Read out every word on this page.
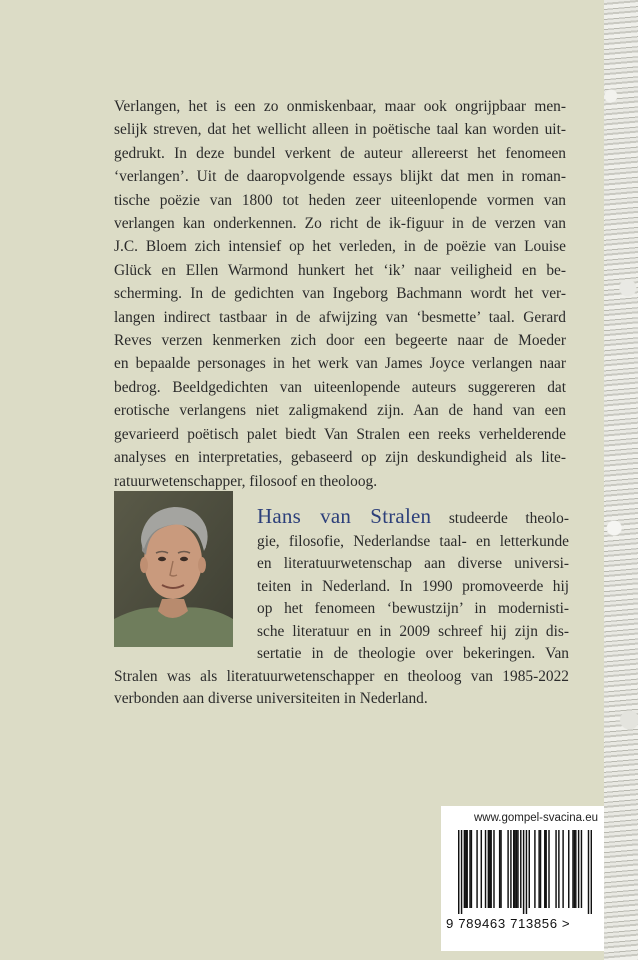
Verlangen, het is een zo onmiskenbaar, maar ook ongrijpbaar men-
selijk streven, dat het wellicht alleen in poëtische taal kan worden uit-
gedrukt. In deze bundel verkent de auteur allereerst het fenomeen
‘verlangen’. Uit de daaropvolgende essays blijkt dat men in roman-
tische poëzie van 1800 tot heden zeer uiteenlopende vormen van
verlangen kan onderkennen. Zo richt de ik-figuur in de verzen van
J.C. Bloem zich intensief op het verleden, in de poëzie van Louise
Glück en Ellen Warmond hunkert het ‘ik’ naar veiligheid en be-
scherming. In de gedichten van Ingeborg Bachmann wordt het ver-
langen indirect tastbaar in de afwijzing van ‘besmette’ taal. Gerard
Reves verzen kenmerken zich door een begeerte naar de Moeder
en bepaalde personages in het werk van James Joyce verlangen naar
bedrog. Beeldgedichten van uiteenlopende auteurs suggereren dat
erotische verlangens niet zaligmakend zijn. Aan de hand van een
gevarieerd poëtisch palet biedt Van Stralen een reeks verhelderende
analyses en interpretaties, gebaseerd op zijn deskundigheid als lite-
ratuurwetenschapper, filosoof en theoloog.
Hans van Stralen studeerde theolo-
gie, filosofie, Nederlandse taal- en letterkunde
en literatuurwetenschap aan diverse universi-
teiten in Nederland. In 1990 promoveerde hij
op het fenomeen ‘bewustzijn’ in modernisti-
sche literatuur en in 2009 schreef hij zijn dis-
sertatie in de theologie over bekeringen. Van
Stralen was als literatuurwetenschapper en theoloog van 1985-2022
verbonden aan diverse universiteiten in Nederland.
www.gompel-svacina.eu
9 789463 713856 >
